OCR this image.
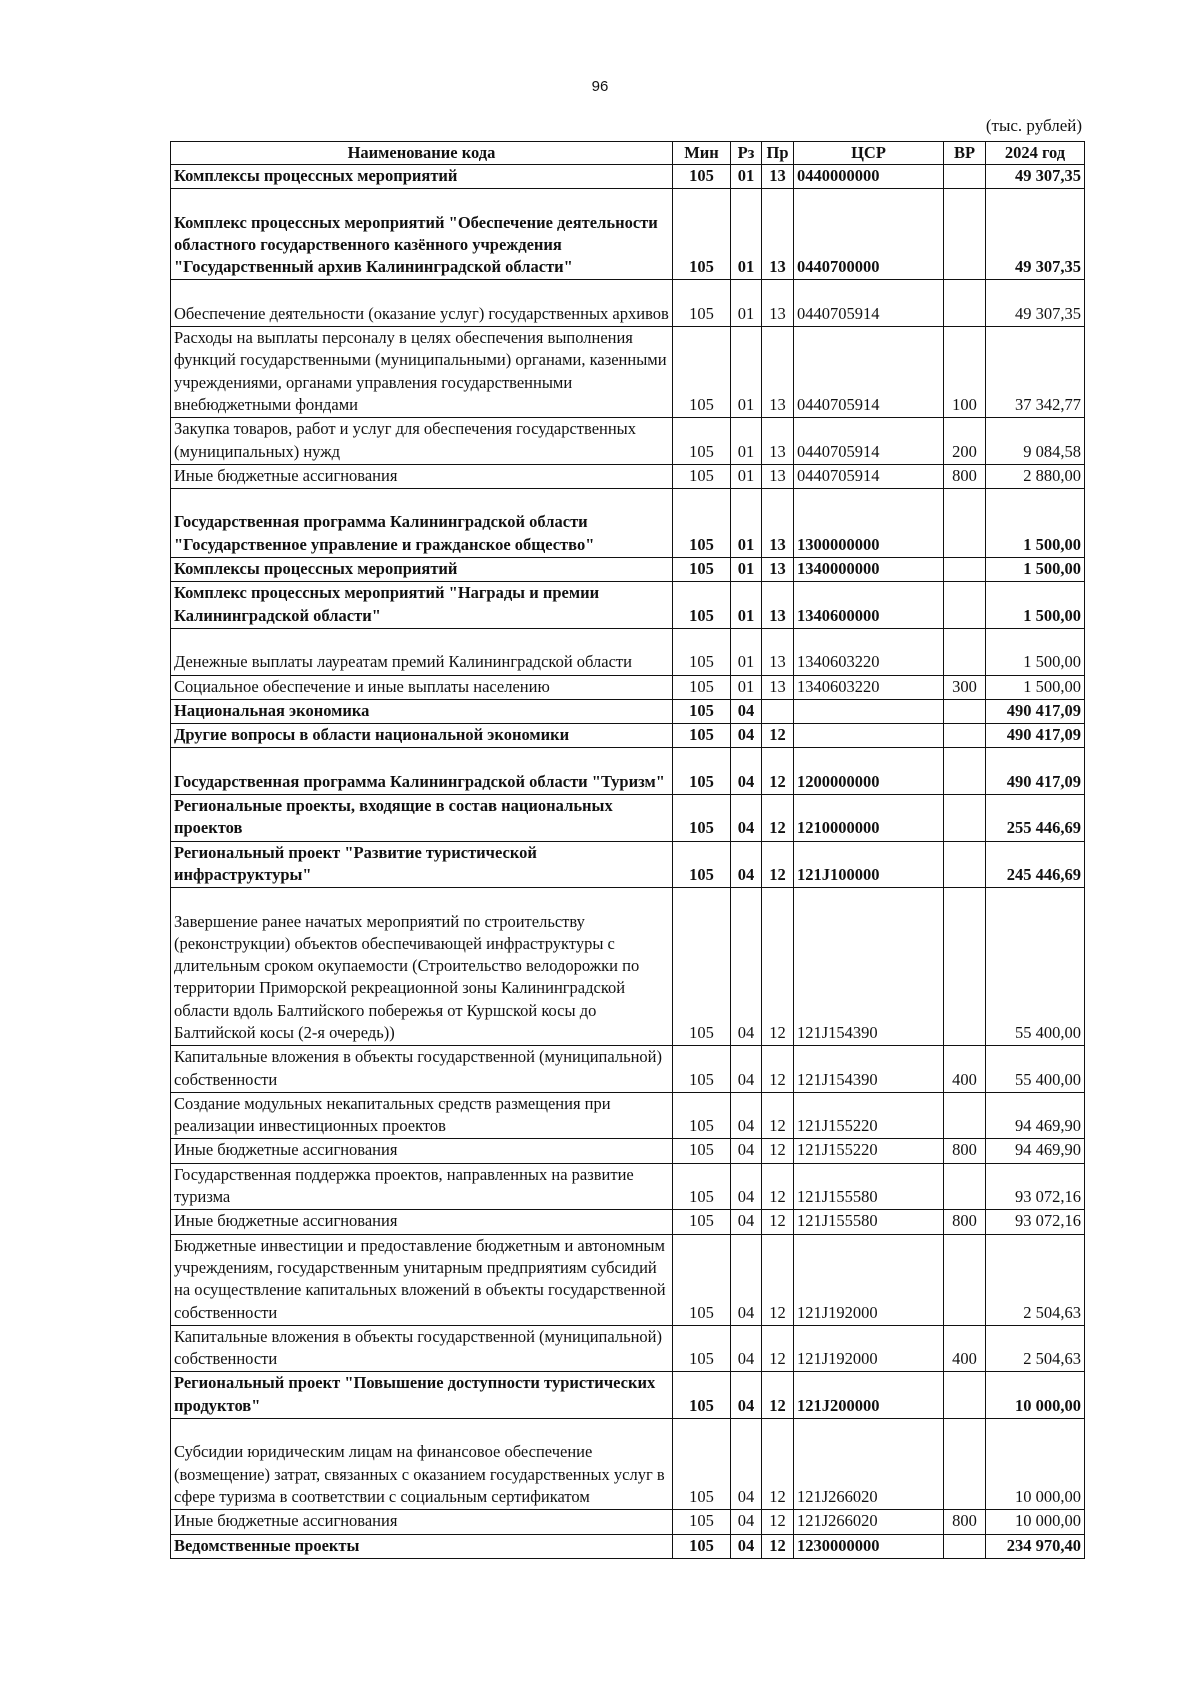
96
(тыс. рублей)
Наименование кода	Мин	Рз	Пр	ЦСР	ВР	2024 год
Комплексы процессных мероприятий	105	01	13	0440000000		49 307,35
Комплекс процессных мероприятий "Обеспечение деятельности областного государственного казённого учреждения "Государственный архив Калининградской области"	105	01	13	0440700000		49 307,35
Обеспечение деятельности (оказание услуг) государственных архивов	105	01	13	0440705914		49 307,35
Расходы на выплаты персоналу в целях обеспечения выполнения функций государственными (муниципальными) органами, казенными учреждениями, органами управления государственными внебюджетными фондами	105	01	13	0440705914	100	37 342,77
Закупка товаров, работ и услуг для обеспечения государственных (муниципальных) нужд	105	01	13	0440705914	200	9 084,58
Иные бюджетные ассигнования	105	01	13	0440705914	800	2 880,00
Государственная программа Калининградской области "Государственное управление и гражданское общество"	105	01	13	1300000000		1 500,00
Комплексы процессных мероприятий	105	01	13	1340000000		1 500,00
Комплекс процессных мероприятий "Награды и премии Калининградской области"	105	01	13	1340600000		1 500,00
Денежные выплаты лауреатам премий Калининградской области	105	01	13	1340603220		1 500,00
Социальное обеспечение и иные выплаты населению	105	01	13	1340603220	300	1 500,00
Национальная экономика	105	04				490 417,09
Другие вопросы в области национальной экономики	105	04	12			490 417,09
Государственная программа Калининградской области "Туризм"	105	04	12	1200000000		490 417,09
Региональные проекты, входящие в состав национальных проектов	105	04	12	1210000000		255 446,69
Региональный проект "Развитие туристической инфраструктуры"	105	04	12	121J100000		245 446,69
Завершение ранее начатых мероприятий по строительству (реконструкции) объектов обеспечивающей инфраструктуры с длительным сроком окупаемости (Строительство велодорожки по территории Приморской рекреационной зоны Калининградской области вдоль Балтийского побережья от Куршской косы до Балтийской косы (2-я очередь))	105	04	12	121J154390		55 400,00
Капитальные вложения в объекты государственной (муниципальной) собственности	105	04	12	121J154390	400	55 400,00
Создание модульных некапитальных средств размещения при реализации инвестиционных проектов	105	04	12	121J155220		94 469,90
Иные бюджетные ассигнования	105	04	12	121J155220	800	94 469,90
Государственная поддержка проектов, направленных на развитие туризма	105	04	12	121J155580		93 072,16
Иные бюджетные ассигнования	105	04	12	121J155580	800	93 072,16
Бюджетные инвестиции и предоставление бюджетным и автономным учреждениям, государственным унитарным предприятиям субсидий на осуществление капитальных вложений в объекты государственной собственности	105	04	12	121J192000		2 504,63
Капитальные вложения в объекты государственной (муниципальной) собственности	105	04	12	121J192000	400	2 504,63
Региональный проект "Повышение доступности туристических продуктов"	105	04	12	121J200000		10 000,00
Субсидии юридическим лицам на финансовое обеспечение (возмещение) затрат, связанных с оказанием государственных услуг в сфере туризма в соответствии с социальным сертификатом	105	04	12	121J266020		10 000,00
Иные бюджетные ассигнования	105	04	12	121J266020	800	10 000,00
Ведомственные проекты	105	04	12	1230000000		234 970,40
